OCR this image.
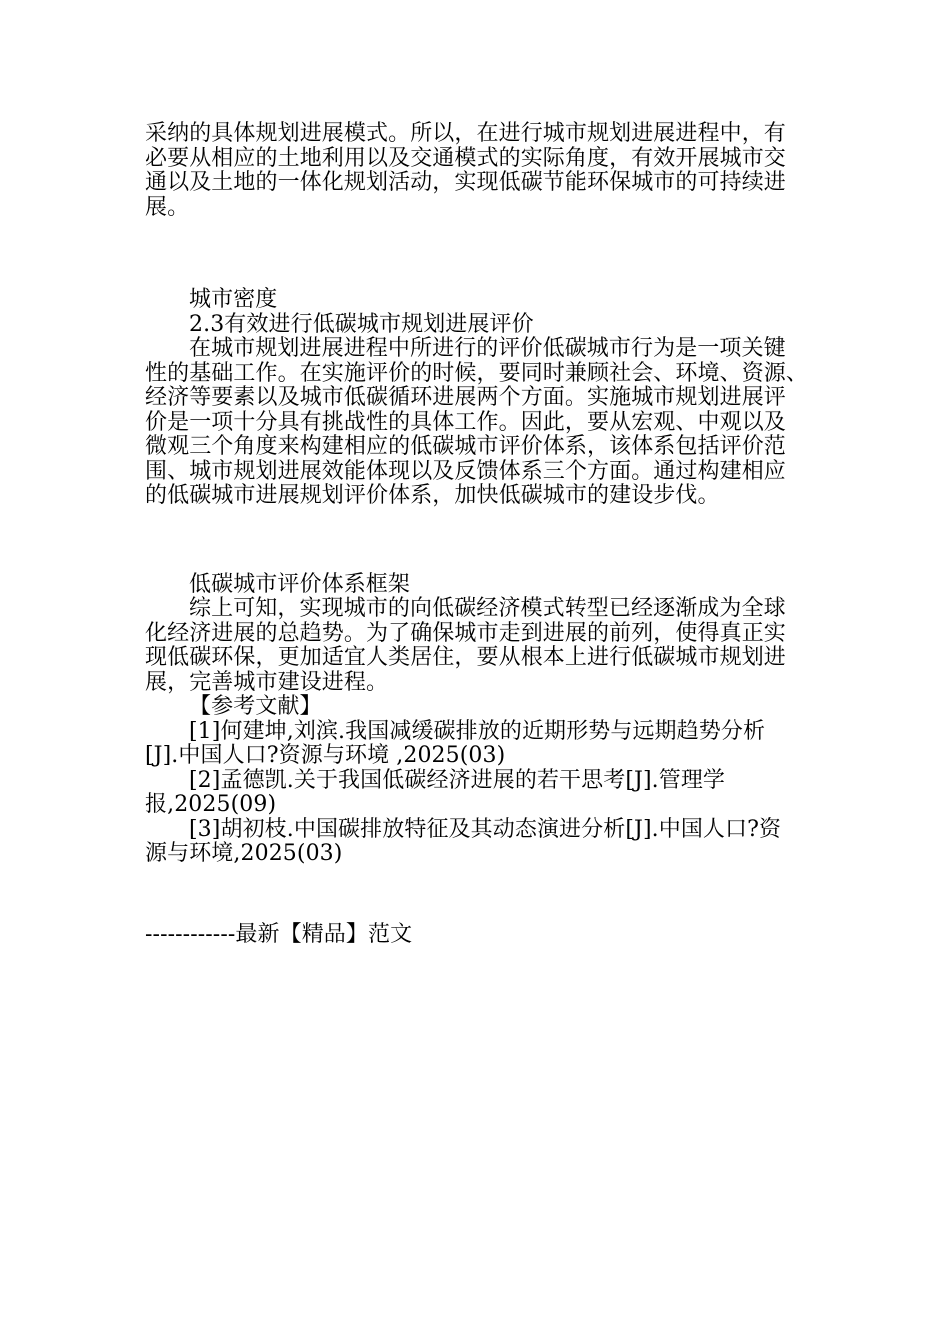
采纳的具体规划进展模式。所以，在进行城市规划进展进程中，有
必要从相应的土地利用以及交通模式的实际角度，有效开展城市交
通以及土地的一体化规划活动，实现低碳节能环保城市的可持续进
展。
城市密度
2.3有效进行低碳城市规划进展评价
在城市规划进展进程中所进行的评价低碳城市行为是一项关键
性的基础工作。在实施评价的时候，要同时兼顾社会、环境、资源、
经济等要素以及城市低碳循环进展两个方面。实施城市规划进展评
价是一项十分具有挑战性的具体工作。因此，要从宏观、中观以及
微观三个角度来构建相应的低碳城市评价体系，该体系包括评价范
围、城市规划进展效能体现以及反馈体系三个方面。通过构建相应
的低碳城市进展规划评价体系，加快低碳城市的建设步伐。
低碳城市评价体系框架
综上可知，实现城市的向低碳经济模式转型已经逐渐成为全球
化经济进展的总趋势。为了确保城市走到进展的前列，使得真正实
现低碳环保，更加适宜人类居住，要从根本上进行低碳城市规划进
展，完善城市建设进程。
【参考文献】
[1]何建坤,刘滨.我国减缓碳排放的近期形势与远期趋势分析
[J].中国人口?资源与环境 ,2025(03)
[2]孟德凯.关于我国低碳经济进展的若干思考[J].管理学
报,2025(09)
[3]胡初枝.中国碳排放特征及其动态演进分析[J].中国人口?资
源与环境,2025(03)
------------最新【精品】范文
